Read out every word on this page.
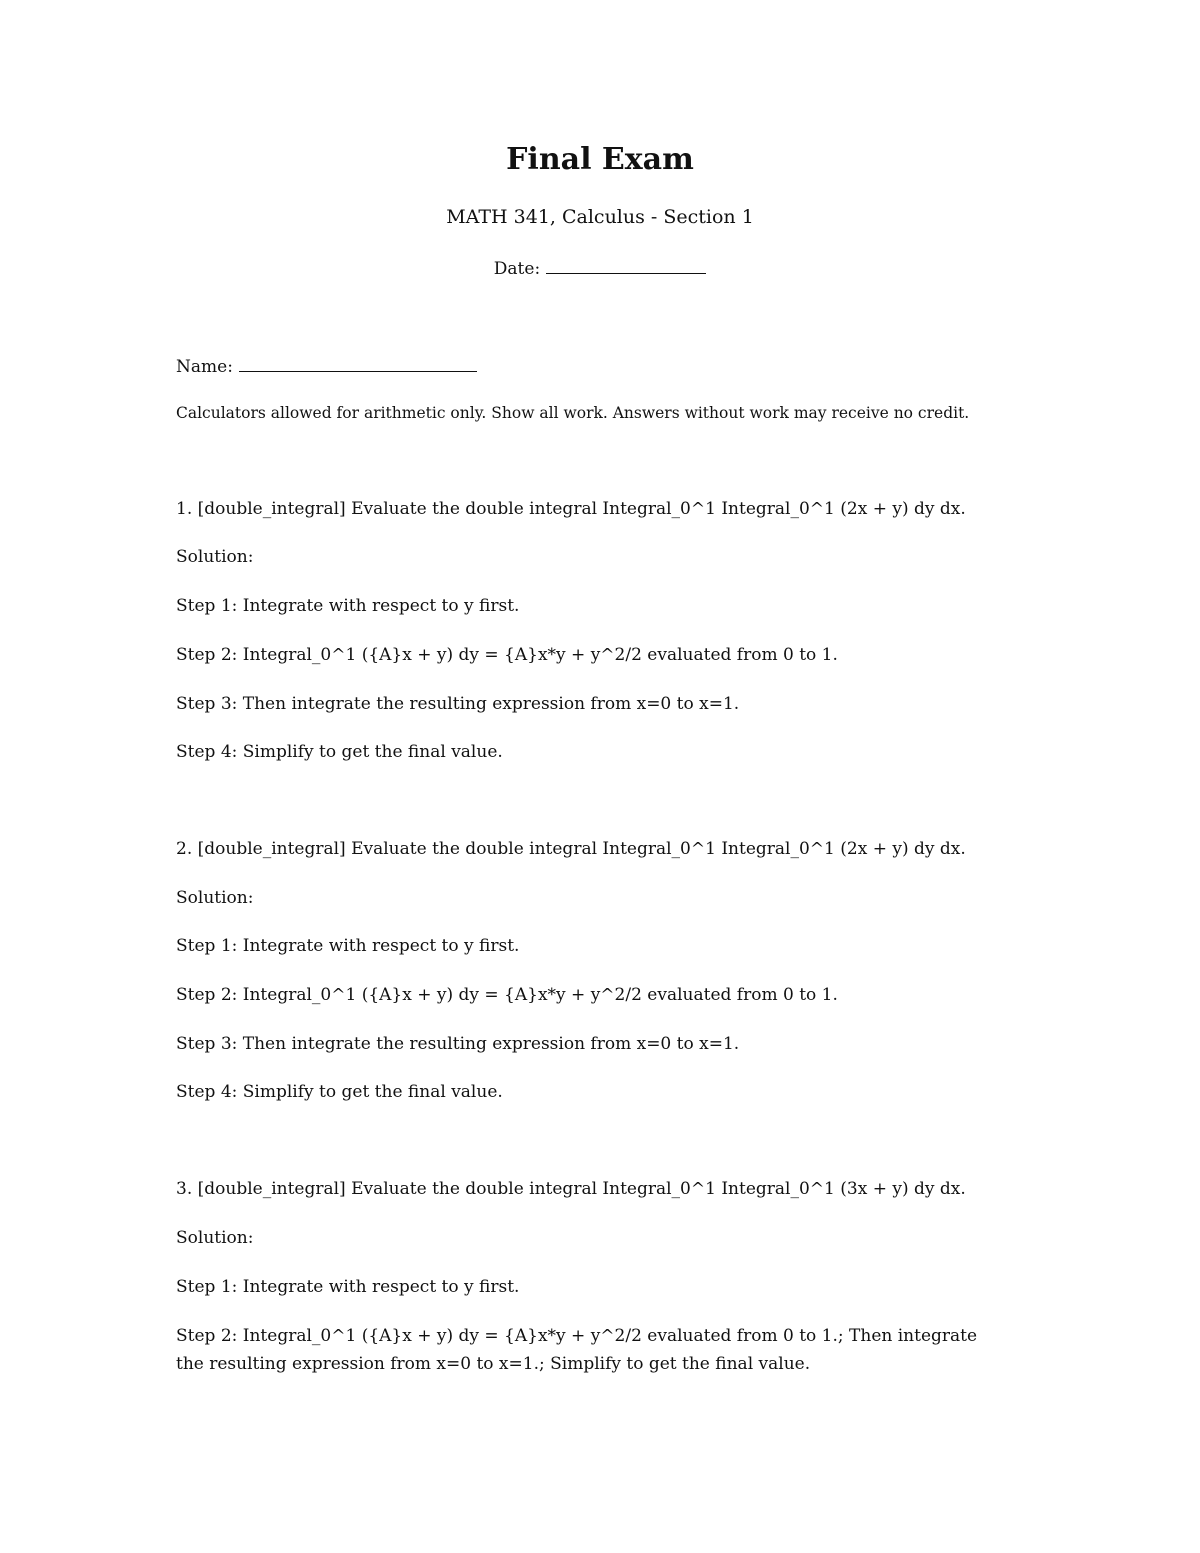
Final Exam
MATH 341, Calculus - Section 1
Date:
Name:
Calculators allowed for arithmetic only. Show all work. Answers without work may receive no credit.
1. [double_integral] Evaluate the double integral Integral_0^1 Integral_0^1 (2x + y) dy dx.
Solution:
Step 1: Integrate with respect to y first.
Step 2: Integral_0^1 ({A}x + y) dy = {A}x*y + y^2/2 evaluated from 0 to 1.
Step 3: Then integrate the resulting expression from x=0 to x=1.
Step 4: Simplify to get the final value.
2. [double_integral] Evaluate the double integral Integral_0^1 Integral_0^1 (2x + y) dy dx.
Solution:
Step 1: Integrate with respect to y first.
Step 2: Integral_0^1 ({A}x + y) dy = {A}x*y + y^2/2 evaluated from 0 to 1.
Step 3: Then integrate the resulting expression from x=0 to x=1.
Step 4: Simplify to get the final value.
3. [double_integral] Evaluate the double integral Integral_0^1 Integral_0^1 (3x + y) dy dx.
Solution:
Step 1: Integrate with respect to y first.
Step 2: Integral_0^1 ({A}x + y) dy = {A}x*y + y^2/2 evaluated from 0 to 1.; Then integrate the resulting expression from x=0 to x=1.; Simplify to get the final value.
